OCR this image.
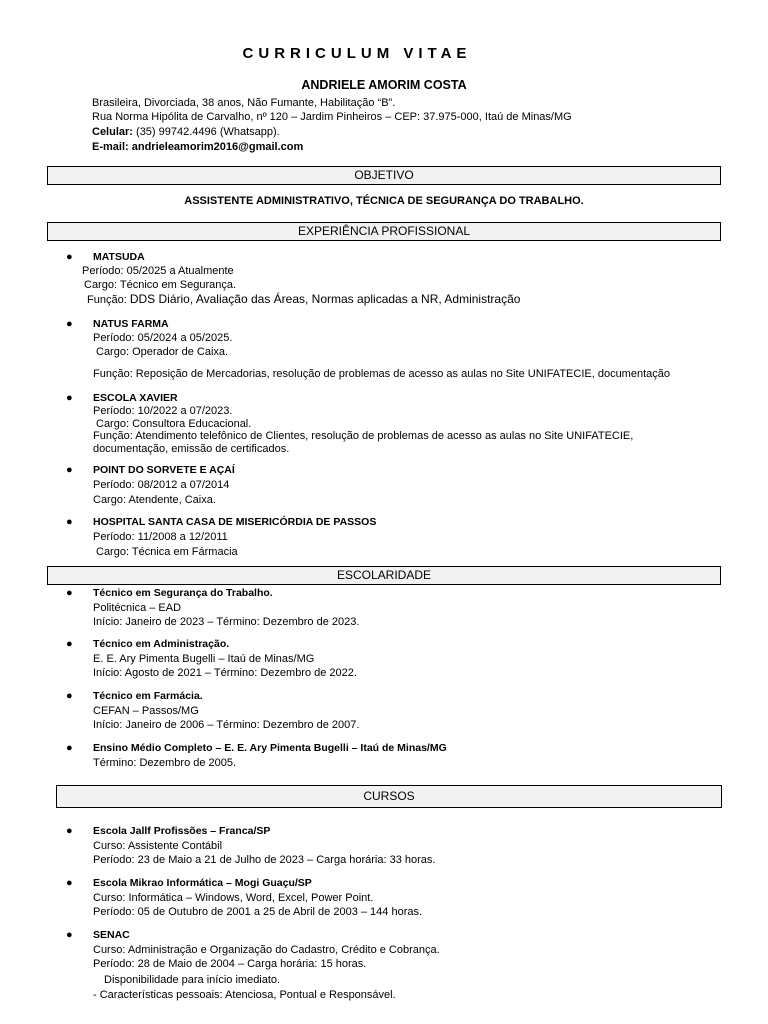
CURRICULUM VITAE
ANDRIELE AMORIM COSTA
Brasileira, Divorciada, 38 anos, Não Fumante, Habilitação “B”.
Rua Norma Hipólita de Carvalho, nº 120 – Jardim Pinheiros – CEP: 37.975-000, Itaú de Minas/MG
Celular: (35) 99742.4496 (Whatsapp).
E-mail: andrieleamorim2016@gmail.com
OBJETIVO
ASSISTENTE ADMINISTRATIVO, TÉCNICA DE SEGURANÇA DO TRABALHO.
EXPERIÊNCIA PROFISSIONAL
● MATSUDA
Período: 05/2025 a Atualmente
Cargo: Técnico em Segurança.
Função: DDS Diário, Avaliação das Áreas, Normas aplicadas a NR, Administração
● NATUS FARMA
Período: 05/2024 a 05/2025.
Cargo: Operador de Caixa.
Função: Reposição de Mercadorias, resolução de problemas de acesso as aulas no Site UNIFATECIE, documentação
● ESCOLA XAVIER
Período: 10/2022 a 07/2023.
Cargo: Consultora Educacional.
Função: Atendimento telefônico de Clientes, resolução de problemas de acesso as aulas no Site UNIFATECIE,
documentação, emissão de certificados.
● POINT DO SORVETE E AÇAÍ
Período: 08/2012 a 07/2014
Cargo: Atendente, Caixa.
● HOSPITAL SANTA CASA DE MISERICÓRDIA DE PASSOS
Período: 11/2008 a 12/2011
Cargo: Técnica em Fármacia
ESCOLARIDADE
● Técnico em Segurança do Trabalho.
Politécnica – EAD
Início: Janeiro de 2023 – Término: Dezembro de 2023.
● Técnico em Administração.
E. E. Ary Pimenta Bugelli – Itaú de Minas/MG
Início: Agosto de 2021 – Término: Dezembro de 2022.
● Técnico em Farmácia.
CEFAN – Passos/MG
Início: Janeiro de 2006 – Término: Dezembro de 2007.
● Ensino Médio Completo – E. E. Ary Pimenta Bugelli – Itaú de Minas/MG
Término: Dezembro de 2005.
CURSOS
● Escola Jallf Profissões – Franca/SP
Curso: Assistente Contábil
Período: 23 de Maio a 21 de Julho de 2023 – Carga horária: 33 horas.
● Escola Mikrao Informática – Mogi Guaçu/SP
Curso: Informática – Windows, Word, Excel, Power Point.
Período: 05 de Outubro de 2001 a 25 de Abril de 2003 – 144 horas.
● SENAC
Curso: Administração e Organização do Cadastro, Crédito e Cobrança.
Período: 28 de Maio de 2004 – Carga horária: 15 horas.
Disponibilidade para início imediato.
- Características pessoais: Atenciosa, Pontual e Responsável.
